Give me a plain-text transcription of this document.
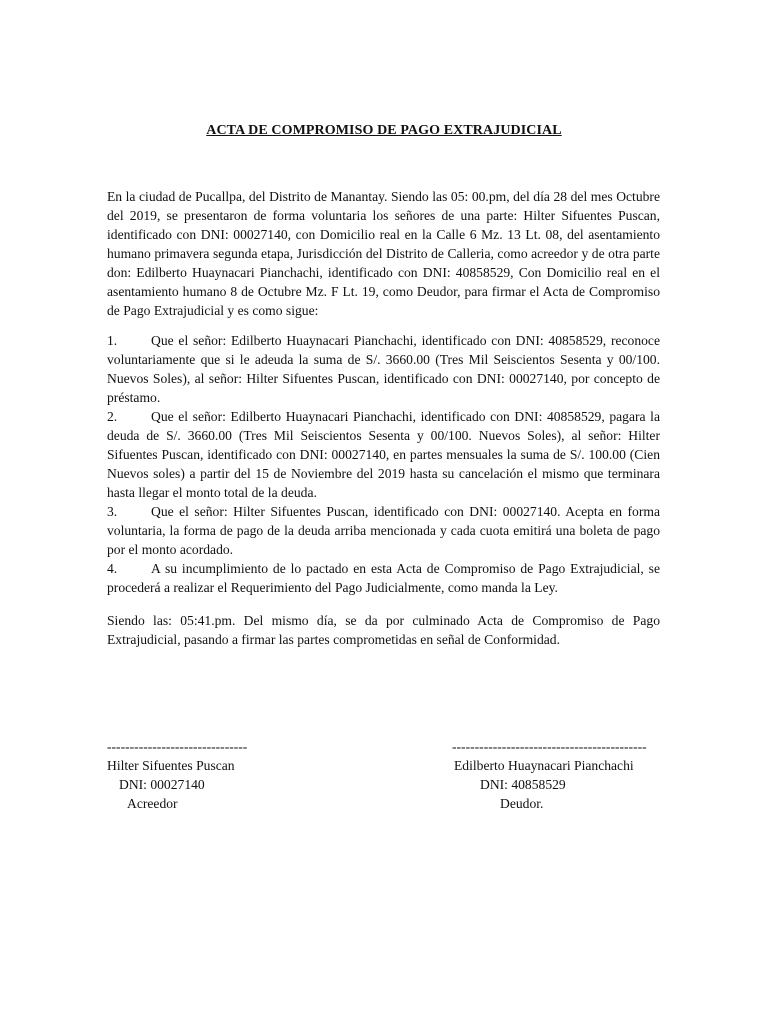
ACTA DE COMPROMISO DE PAGO EXTRAJUDICIAL

En la ciudad de Pucallpa, del Distrito de Manantay. Siendo las 05: 00.pm, del día 28 del mes Octubre del 2019, se presentaron de forma voluntaria los señores de una parte: Hilter Sifuentes Puscan, identificado con DNI: 00027140, con Domicilio real en la Calle 6 Mz. 13 Lt. 08, del asentamiento humano primavera segunda etapa, Jurisdicción del Distrito de Calleria, como acreedor y de otra parte don: Edilberto Huaynacari Pianchachi, identificado con DNI: 40858529, Con Domicilio real en el asentamiento humano 8 de Octubre Mz. F Lt. 19, como Deudor, para firmar el Acta de Compromiso de Pago Extrajudicial y es como sigue:

1. Que el señor: Edilberto Huaynacari Pianchachi, identificado con DNI: 40858529, reconoce voluntariamente que si le adeuda la suma de S/. 3660.00 (Tres Mil Seiscientos Sesenta y 00/100. Nuevos Soles), al señor: Hilter Sifuentes Puscan, identificado con DNI: 00027140, por concepto de préstamo.

2. Que el señor: Edilberto Huaynacari Pianchachi, identificado con DNI: 40858529, pagara la deuda de S/. 3660.00 (Tres Mil Seiscientos Sesenta y 00/100. Nuevos Soles), al señor: Hilter Sifuentes Puscan, identificado con DNI: 00027140, en partes mensuales la suma de S/. 100.00 (Cien Nuevos soles) a partir del 15 de Noviembre del 2019 hasta su cancelación el mismo que terminara hasta llegar el monto total de la deuda.

3. Que el señor: Hilter Sifuentes Puscan, identificado con DNI: 00027140. Acepta en forma voluntaria, la forma de pago de la deuda arriba mencionada y cada cuota emitirá una boleta de pago por el monto acordado.

4. A su incumplimiento de lo pactado en esta Acta de Compromiso de Pago Extrajudicial, se procederá a realizar el Requerimiento del Pago Judicialmente, como manda la Ley.

Siendo las: 05:41.pm. Del mismo día, se da por culminado Acta de Compromiso de Pago Extrajudicial, pasando a firmar las partes comprometidas en señal de Conformidad.

-------------------------------
Hilter Sifuentes Puscan
DNI: 00027140
Acreedor
-------------------------------------------
Edilberto Huaynacari Pianchachi
DNI: 40858529
Deudor.
